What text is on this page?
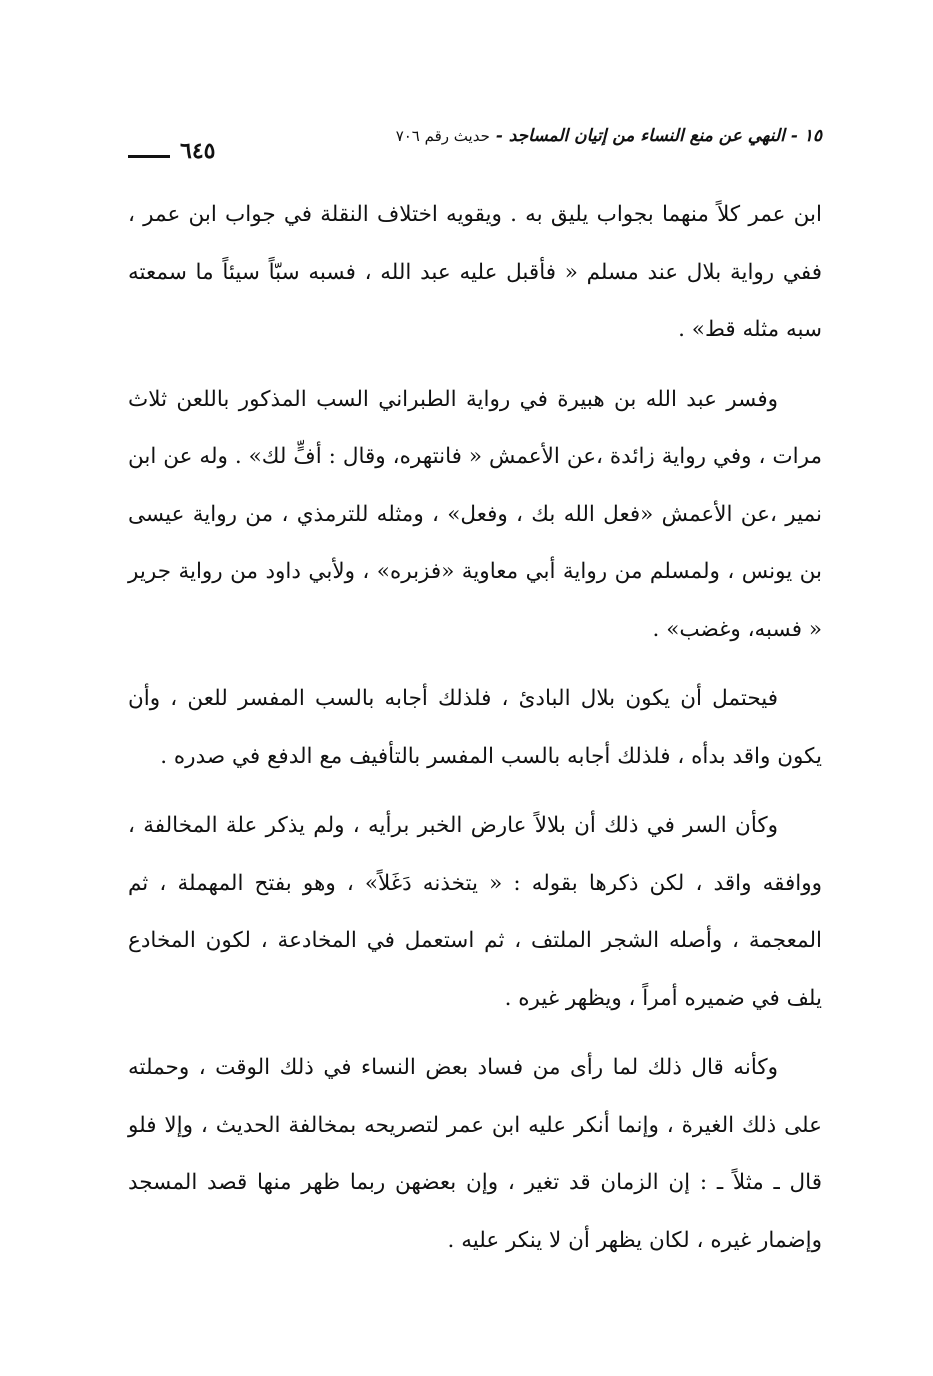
١٥ - النهي عن منع النساء من إتيان المساجد - حديث رقم ٧٠٦
٦٤٥

ابن عمر كلاً منهما بجواب يليق به . ويقويه اختلاف النقلة في جواب ابن عمر ، ففي رواية بلال عند مسلم « فأقبل عليه عبد الله ، فسبه سبّاً سيئاً ما سمعته سبه مثله قط» .

وفسر عبد الله بن هبيرة في رواية الطبراني السب المذكور باللعن ثلاث مرات ، وفي رواية زائدة ،عن الأعمش « فانتهره، وقال : أفٍّ لك» . وله عن ابن نمير ،عن الأعمش «فعل الله بك ، وفعل» ، ومثله للترمذي ، من رواية عيسى بن يونس ، ولمسلم من رواية أبي معاوية «فزبره» ، ولأبي داود من رواية جرير « فسبه، وغضب» .

فيحتمل أن يكون بلال البادئ ، فلذلك أجابه بالسب المفسر للعن ، وأن يكون واقد بدأه ، فلذلك أجابه بالسب المفسر بالتأفيف مع الدفع في صدره .

وكأن السر في ذلك أن بلالاً عارض الخبر برأيه ، ولم يذكر علة المخالفة ، ووافقه واقد ، لكن ذكرها بقوله : « يتخذنه دَغَلاً» ، وهو بفتح المهملة ، ثم المعجمة ، وأصله الشجر الملتف ، ثم استعمل في المخادعة ، لكون المخادع يلف في ضميره أمراً ، ويظهر غيره .

وكأنه قال ذلك لما رأى من فساد بعض النساء في ذلك الوقت ، وحملته على ذلك الغيرة ، وإنما أنكر عليه ابن عمر لتصريحه بمخالفة الحديث ، وإلا فلو قال ـ مثلاً ـ : إن الزمان قد تغير ، وإن بعضهن ربما ظهر منها قصد المسجد وإضمار غيره ، لكان يظهر أن لا ينكر عليه .
